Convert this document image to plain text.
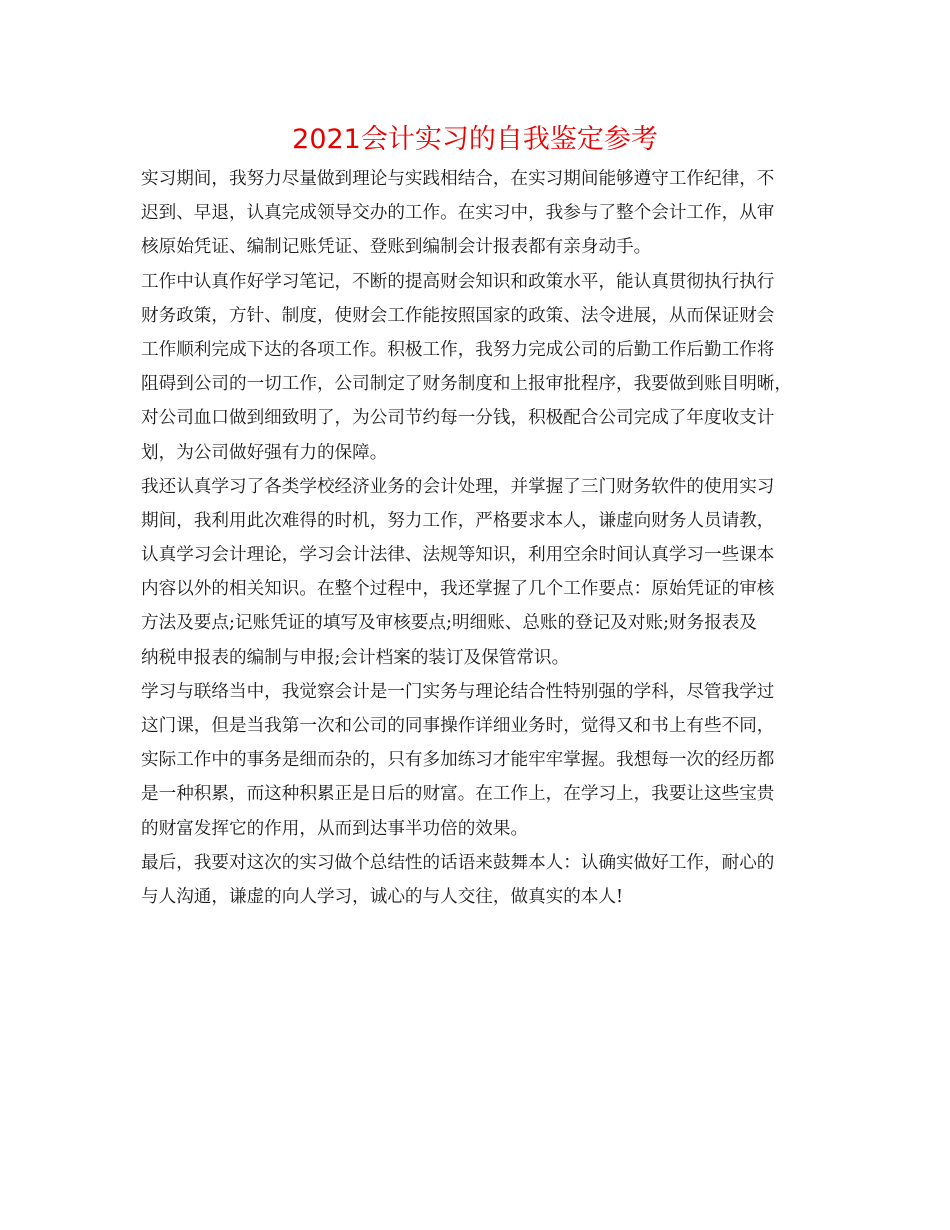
2021会计实习的自我鉴定参考
实习期间，我努力尽量做到理论与实践相结合，在实习期间能够遵守工作纪律，不
迟到、早退，认真完成领导交办的工作。在实习中，我参与了整个会计工作，从审
核原始凭证、编制记账凭证、登账到编制会计报表都有亲身动手。
工作中认真作好学习笔记，不断的提高财会知识和政策水平，能认真贯彻执行执行
财务政策，方针、制度，使财会工作能按照国家的政策、法令进展，从而保证财会
工作顺利完成下达的各项工作。积极工作，我努力完成公司的后勤工作后勤工作将
阻碍到公司的一切工作，公司制定了财务制度和上报审批程序，我要做到账目明晰，
对公司血口做到细致明了，为公司节约每一分钱，积极配合公司完成了年度收支计
划，为公司做好强有力的保障。
我还认真学习了各类学校经济业务的会计处理，并掌握了三门财务软件的使用实习
期间，我利用此次难得的时机，努力工作，严格要求本人，谦虚向财务人员请教，
认真学习会计理论，学习会计法律、法规等知识，利用空余时间认真学习一些课本
内容以外的相关知识。在整个过程中，我还掌握了几个工作要点：原始凭证的审核
方法及要点;记账凭证的填写及审核要点;明细账、总账的登记及对账;财务报表及
纳税申报表的编制与申报;会计档案的装订及保管常识。
学习与联络当中，我觉察会计是一门实务与理论结合性特别强的学科，尽管我学过
这门课，但是当我第一次和公司的同事操作详细业务时，觉得又和书上有些不同，
实际工作中的事务是细而杂的，只有多加练习才能牢牢掌握。我想每一次的经历都
是一种积累，而这种积累正是日后的财富。在工作上，在学习上，我要让这些宝贵
的财富发挥它的作用，从而到达事半功倍的效果。
最后，我要对这次的实习做个总结性的话语来鼓舞本人：认确实做好工作，耐心的
与人沟通，谦虚的向人学习，诚心的与人交往，做真实的本人!
